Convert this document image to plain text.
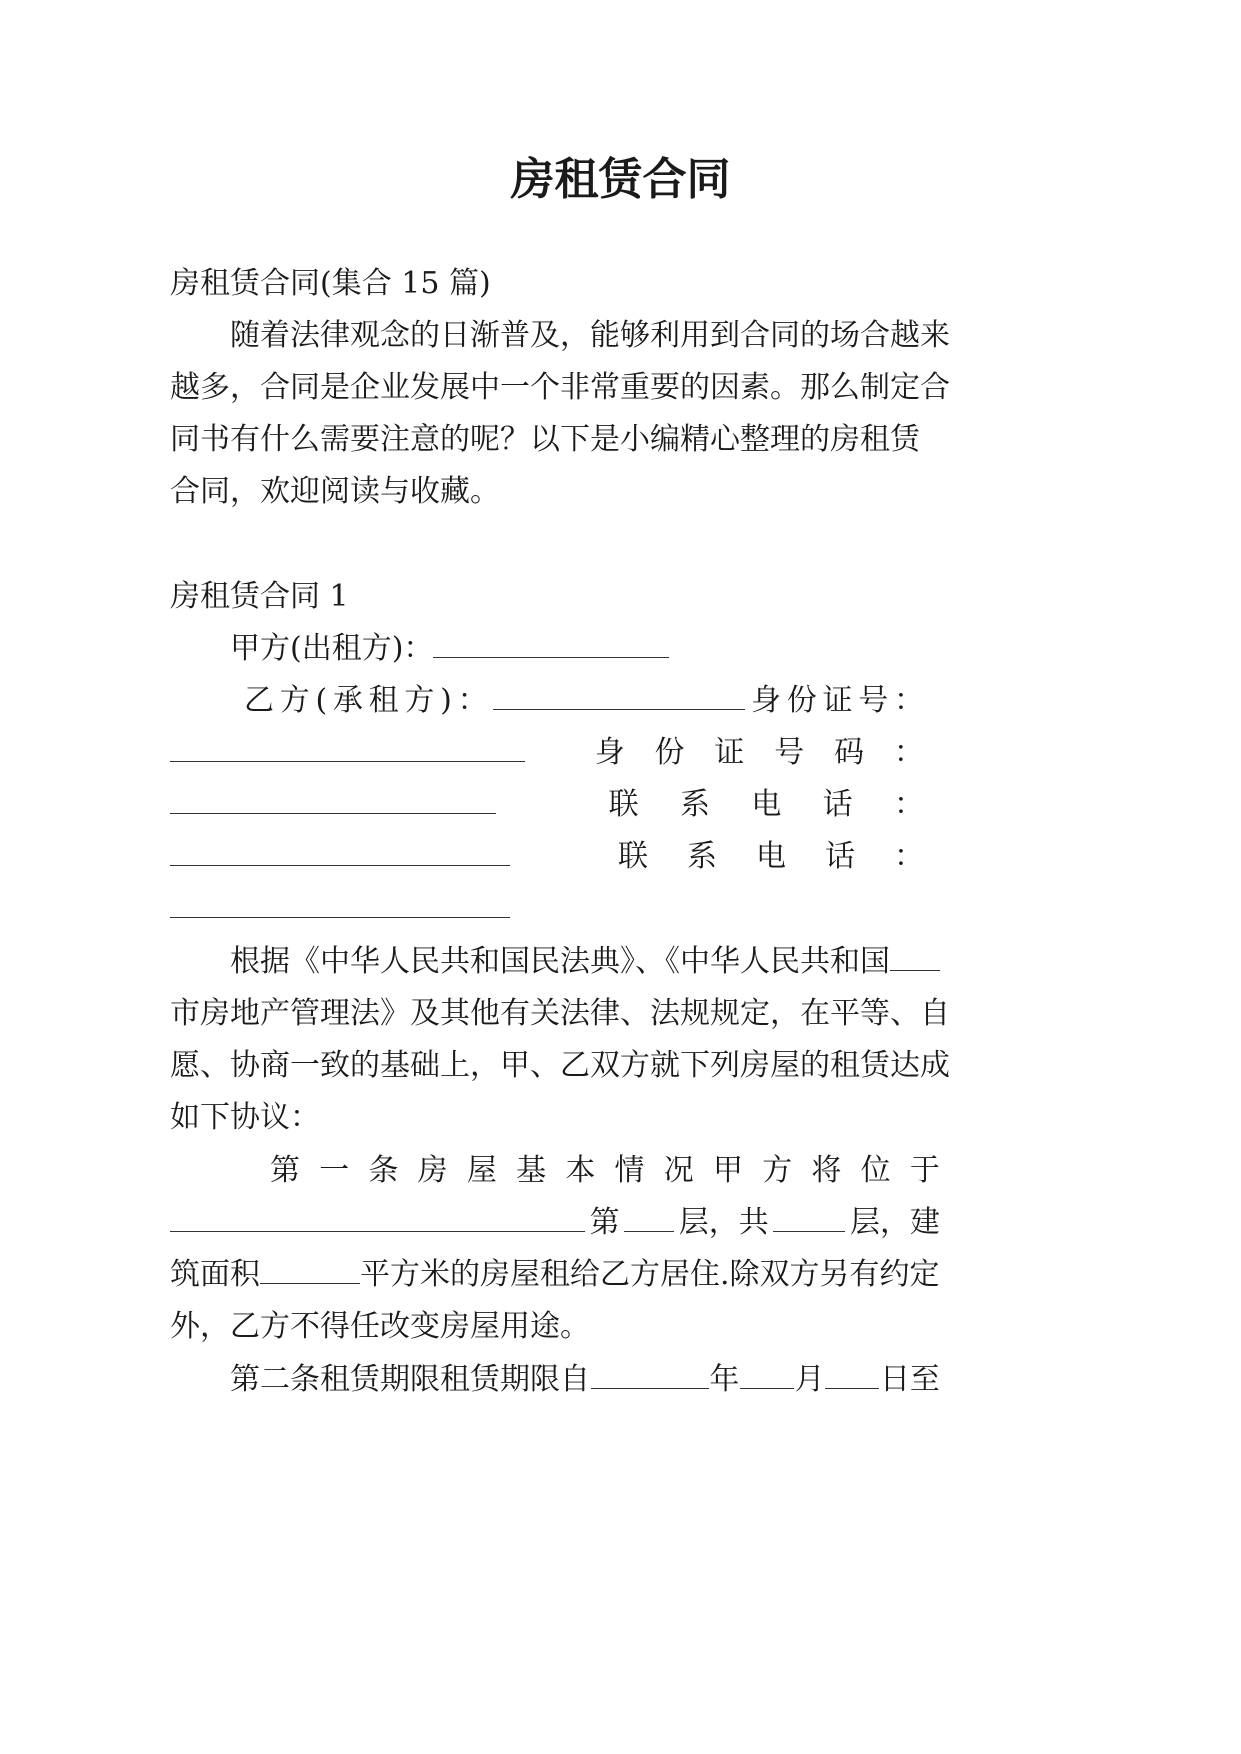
房租赁合同
房租赁合同(集合 15 篇)
随着法律观念的日渐普及，能够利用到合同的场合越来
越多，合同是企业发展中一个非常重要的因素。那么制定合
同书有什么需要注意的呢？以下是小编精心整理的房租赁
合同，欢迎阅读与收藏。
房租赁合同 1
甲方(出租方)：
乙 方 ( 承 租 方 ) ：	身 份 证 号 ：
身 份 证 号 码 ：
联 系 电 话 ：
联 系 电 话 ：
根据《中华人民共和国民法典》、《中华人民共和国
市房地产管理法》及其他有关法律、法规规定，在平等、自
愿、协商一致的基础上，甲、乙双方就下列房屋的租赁达成
如下协议：
第 一 条 房 屋 基 本 情 况 甲 方 将 位 于
第 层，共	层，建
筑面积	平方米的房屋租给乙方居住.除双方另有约定
外，乙方不得任改变房屋用途。
第二条租赁期限租赁期限自	年 月 日至
